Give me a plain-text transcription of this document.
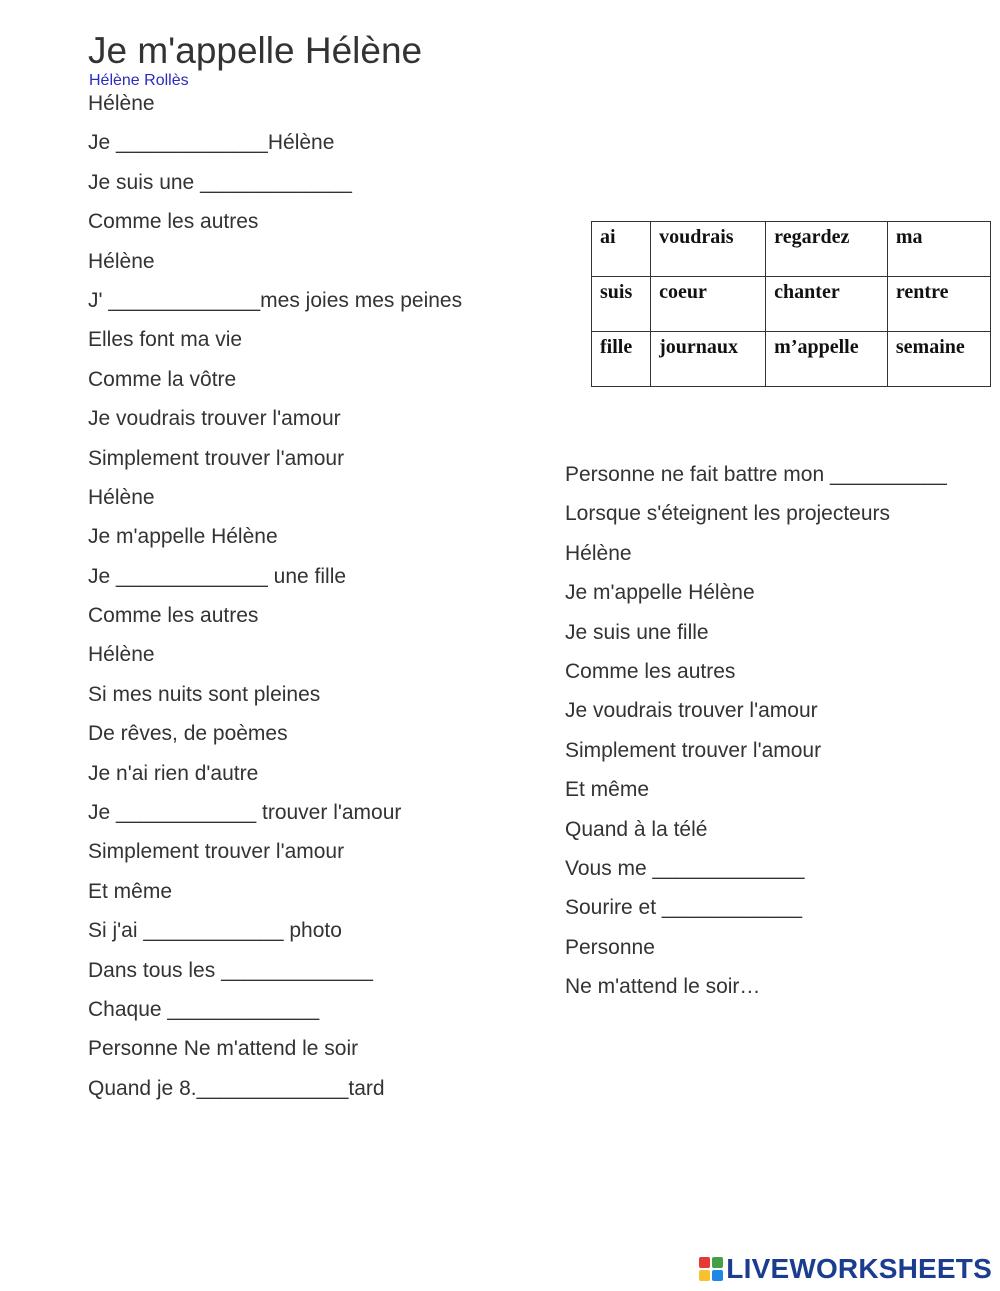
Je m'appelle Hélène
Hélène Rollès
Hélène
Je _____________Hélène
Je suis une _____________
Comme les autres
Hélène
J' _____________mes joies mes peines
Elles font ma vie
Comme la vôtre
Je voudrais trouver l'amour
Simplement trouver l'amour
Hélène
Je m'appelle Hélène
Je _____________ une fille
Comme les autres
Hélène
Si mes nuits sont pleines
De rêves, de poèmes
Je n'ai rien d'autre
Je ____________ trouver l'amour
Simplement trouver l'amour
Et même
Si j'ai ____________ photo
Dans tous les _____________
Chaque _____________
Personne Ne m'attend le soir
Quand je 8._____________tard
ai	voudrais	regardez	ma
suis	coeur	chanter	rentre
fille	journaux	m’appelle	semaine
Personne ne fait battre mon __________
Lorsque s'éteignent les projecteurs
Hélène
Je m'appelle Hélène
Je suis une fille
Comme les autres
Je voudrais trouver l'amour
Simplement trouver l'amour
Et même
Quand à la télé
Vous me _____________
Sourire et ____________
Personne
Ne m'attend le soir…
LIVEWORKSHEETS
